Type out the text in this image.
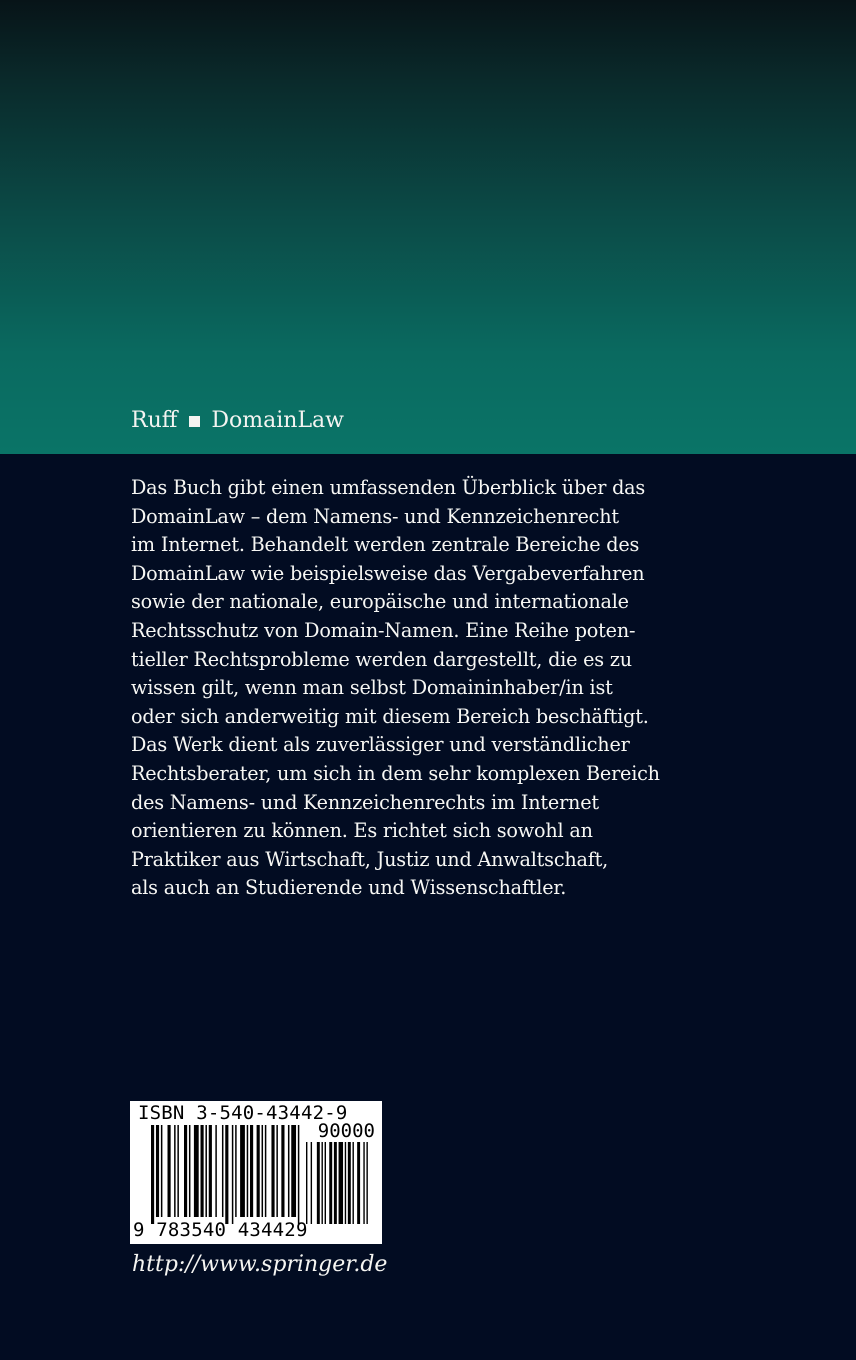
Ruff DomainLaw
Das Buch gibt einen umfassenden Überblick über das
DomainLaw – dem Namens- und Kennzeichenrecht
im Internet. Behandelt werden zentrale Bereiche des
DomainLaw wie beispielsweise das Vergabeverfahren
sowie der nationale, europäische und internationale
Rechtsschutz von Domain-Namen. Eine Reihe poten-
tieller Rechtsprobleme werden dargestellt, die es zu
wissen gilt, wenn man selbst Domaininhaber/in ist
oder sich anderweitig mit diesem Bereich beschäftigt.
Das Werk dient als zuverlässiger und verständlicher
Rechtsberater, um sich in dem sehr komplexen Bereich
des Namens- und Kennzeichenrechts im Internet
orientieren zu können. Es richtet sich sowohl an
Praktiker aus Wirtschaft, Justiz und Anwaltschaft,
als auch an Studierende und Wissenschaftler.
ISBN 3-540-43442-9
90000
9 783540 434429
http://www.springer.de
